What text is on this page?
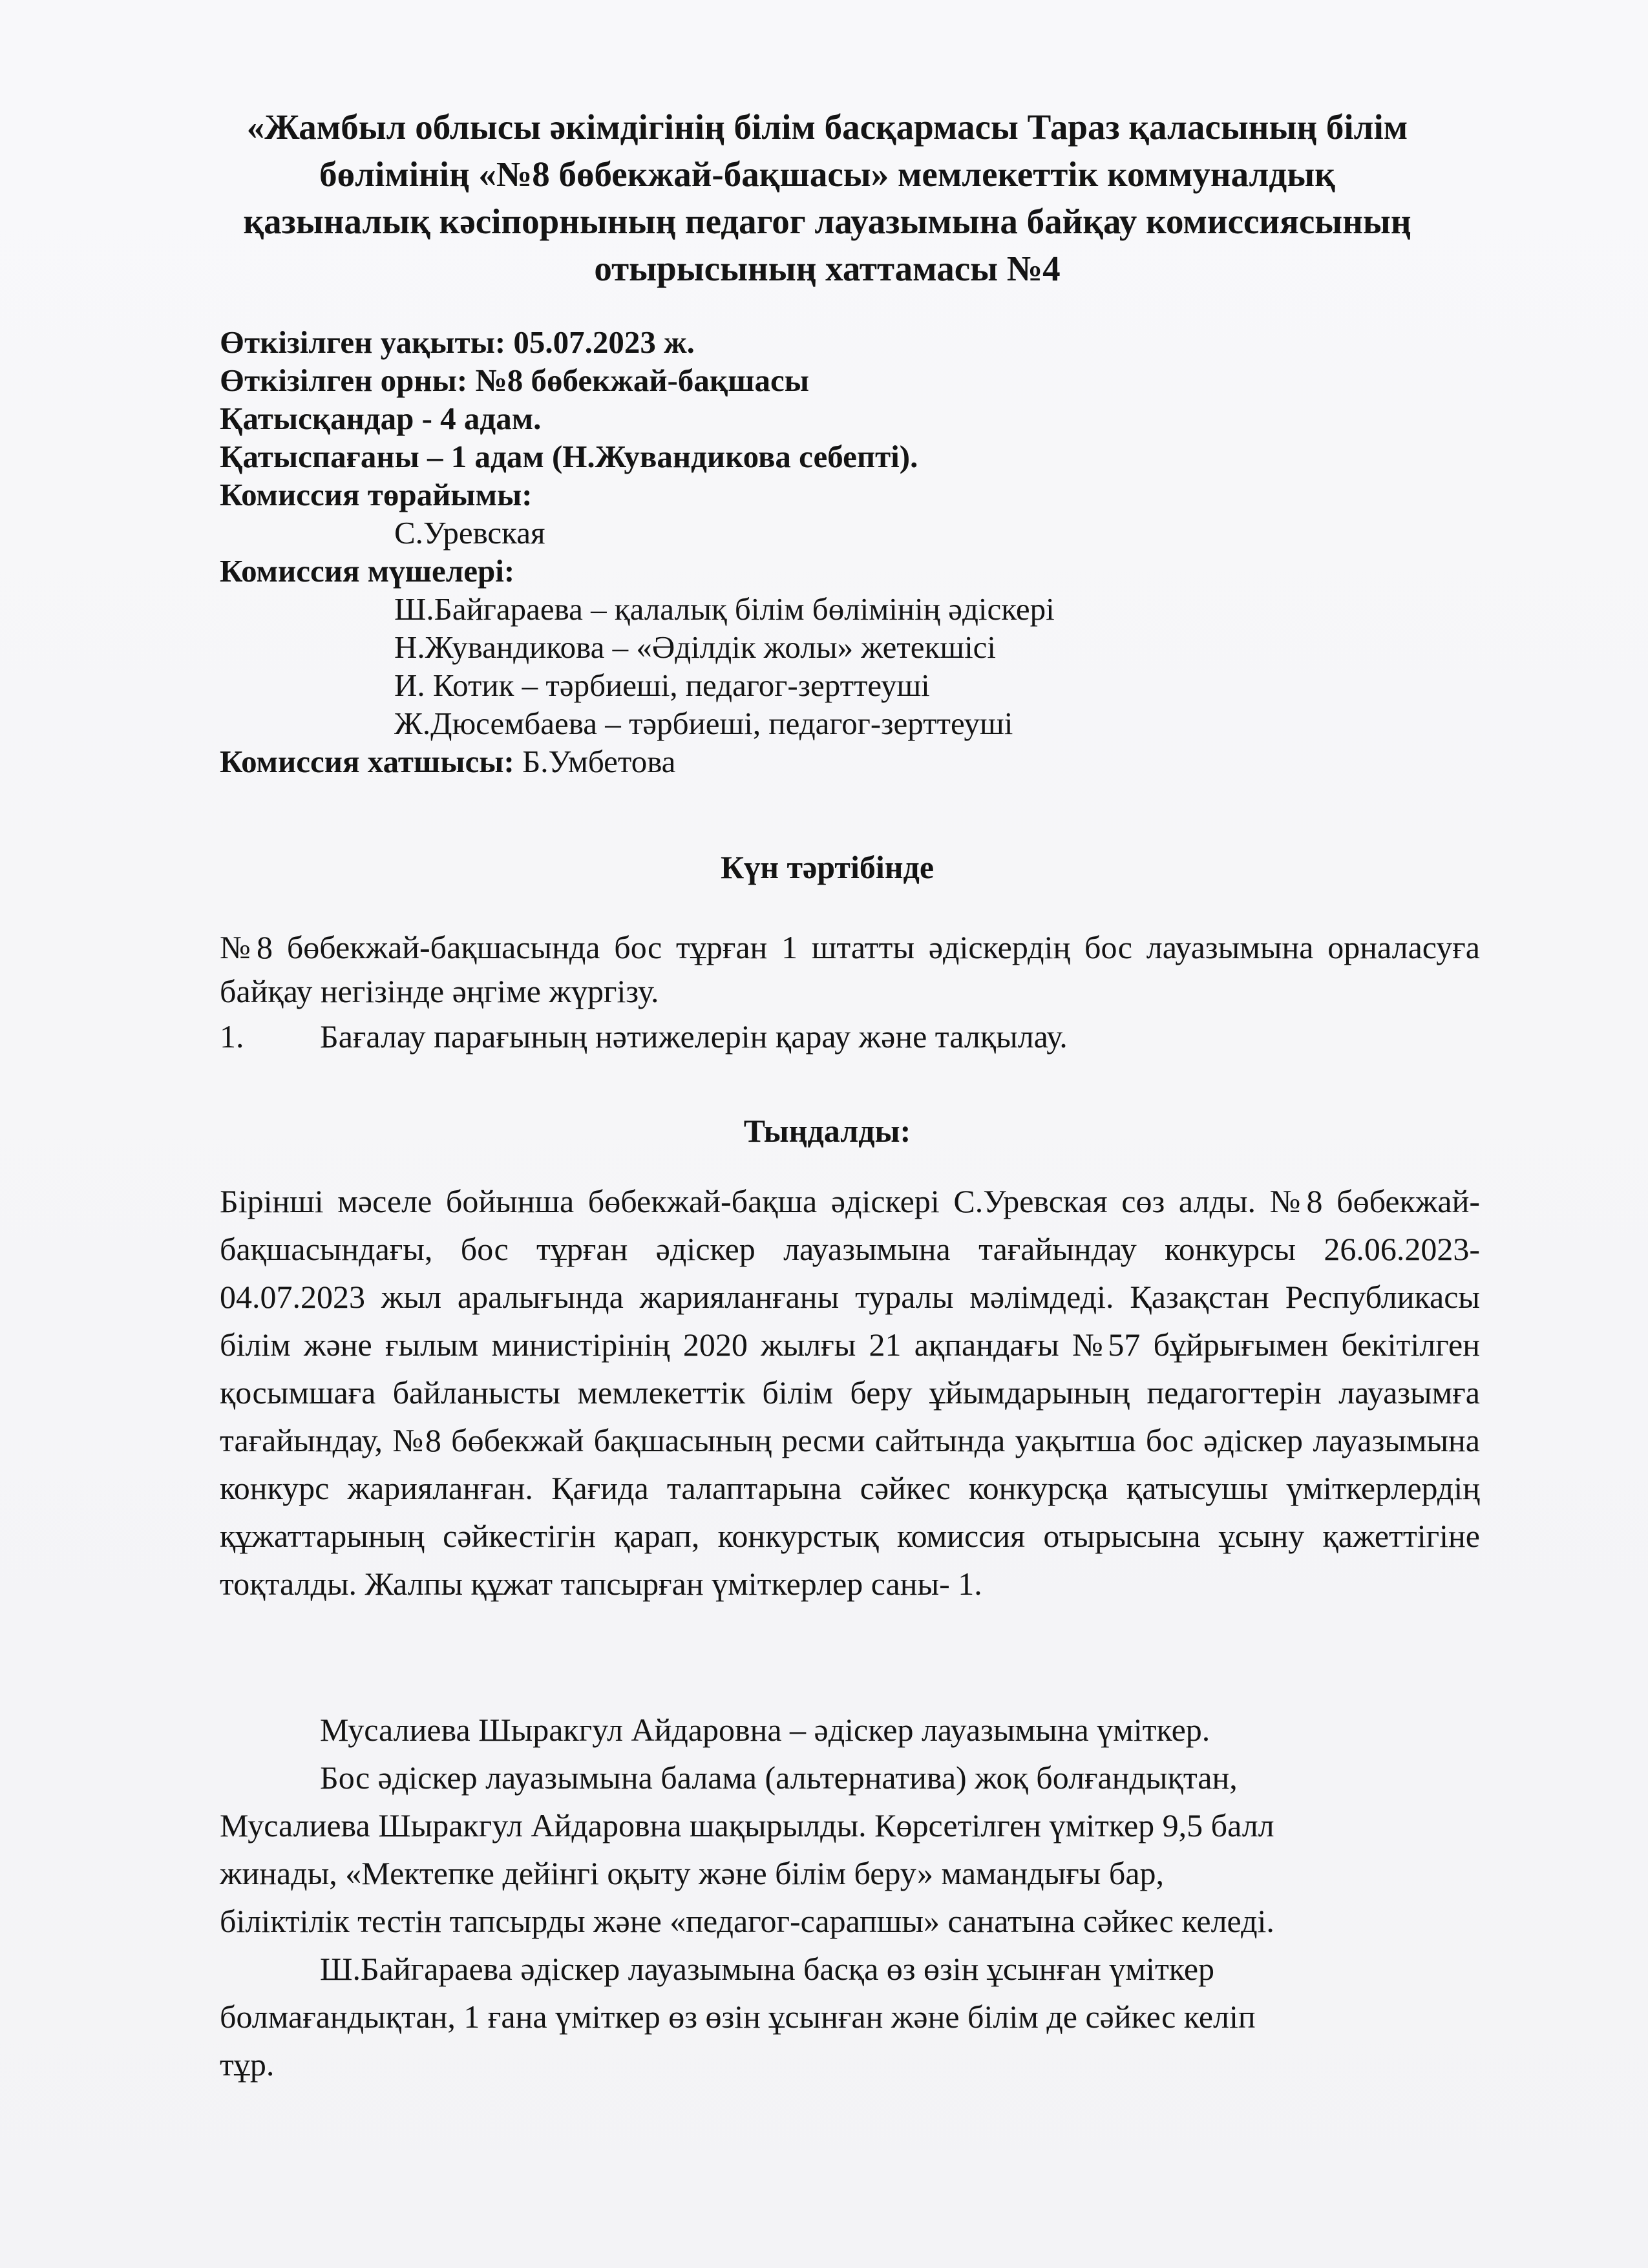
«Жамбыл облысы әкімдігінің білім басқармасы Тараз қаласының білім
бөлімінің «№8 бөбекжай-бақшасы» мемлекеттік коммуналдық
қазыналық кәсіпорнының педагог лауазымына байқау комиссиясының
отырысының хаттамасы №4
Өткізілген уақыты: 05.07.2023 ж.
Өткізілген орны: №8 бөбекжай-бақшасы
Қатысқандар - 4 адам.
Қатыспағаны – 1 адам (Н.Жувандикова себепті).
Комиссия төрайымы:
С.Уревская
Комиссия мүшелері:
Ш.Байгараева – қалалық білім бөлімінің әдіскері
Н.Жувандикова – «Әділдік жолы» жетекшісі
И. Котик – тәрбиеші, педагог-зерттеуші
Ж.Дюсембаева – тәрбиеші, педагог-зерттеуші
Комиссия хатшысы: Б.Умбетова
Күн тәртібінде
№8 бөбекжай-бақшасында бос тұрған 1 штатты әдіскердің бос лауазымына орналасуға байқау негізінде әңгіме жүргізу.
1. Бағалау парағының нәтижелерін қарау және талқылау.
Тыңдалды:
Бірінші мәселе бойынша бөбекжай-бақша әдіскері С.Уревская сөз алды. №8 бөбекжай-бақшасындағы, бос тұрған әдіскер лауазымына тағайындау конкурсы 26.06.2023-04.07.2023 жыл аралығында жарияланғаны туралы мәлімдеді. Қазақстан Республикасы білім және ғылым министірінің 2020 жылғы 21 ақпандағы №57 бұйрығымен бекітілген қосымшаға байланысты мемлекеттік білім беру ұйымдарының педагогтерін лауазымға тағайындау, №8 бөбекжай бақшасының ресми сайтында уақытша бос әдіскер лауазымына конкурс жарияланған. Қағида талаптарына сәйкес конкурсқа қатысушы үміткерлердің құжаттарының сәйкестігін қарап, конкурстық комиссия отырысына ұсыну қажеттігіне тоқталды. Жалпы құжат тапсырған үміткерлер саны- 1.
Мусалиева Шыракгул Айдаровна – әдіскер лауазымына үміткер.
Бос әдіскер лауазымына балама (альтернатива) жоқ болғандықтан,
Мусалиева Шыракгул Айдаровна шақырылды. Көрсетілген үміткер 9,5 балл
жинады, «Мектепке дейінгі оқыту және білім беру» мамандығы бар,
біліктілік тестін тапсырды және «педагог-сарапшы» санатына сәйкес келеді.
Ш.Байгараева әдіскер лауазымына басқа өз өзін ұсынған үміткер
болмағандықтан, 1 ғана үміткер өз өзін ұсынған және білім де сәйкес келіп
тұр.
